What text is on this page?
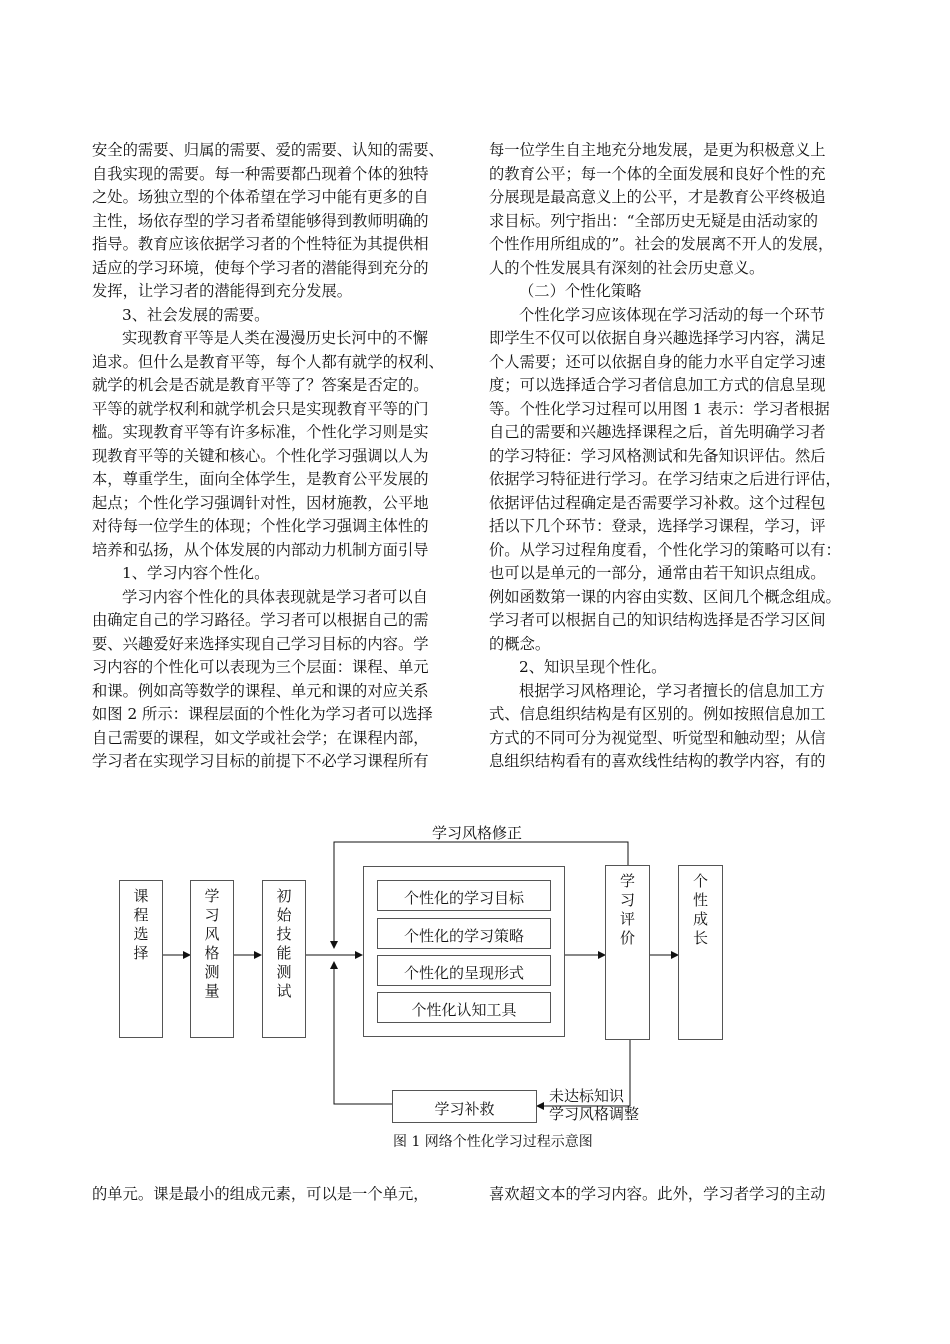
安全的需要、归属的需要、爱的需要、认知的需要、

自我实现的需要。每一种需要都凸现着个体的独特

之处。场独立型的个体希望在学习中能有更多的自

主性，场依存型的学习者希望能够得到教师明确的

指导。教育应该依据学习者的个性特征为其提供相

适应的学习环境，使每个学习者的潜能得到充分的

发挥，让学习者的潜能得到充分发展。

3、社会发展的需要。

实现教育平等是人类在漫漫历史长河中的不懈

追求。但什么是教育平等，每个人都有就学的权利、

就学的机会是否就是教育平等了？答案是否定的。

平等的就学权利和就学机会只是实现教育平等的门

槛。实现教育平等有许多标准，个性化学习则是实

现教育平等的关键和核心。个性化学习强调以人为

本，尊重学生，面向全体学生，是教育公平发展的

起点；个性化学习强调针对性，因材施教，公平地

对待每一位学生的体现；个性化学习强调主体性的

培养和弘扬，从个体发展的内部动力机制方面引导

1、学习内容个性化。

学习内容个性化的具体表现就是学习者可以自

由确定自己的学习路径。学习者可以根据自己的需

要、兴趣爱好来选择实现自己学习目标的内容。学

习内容的个性化可以表现为三个层面：课程、单元

和课。例如高等数学的课程、单元和课的对应关系

如图 2 所示：课程层面的个性化为学习者可以选择

自己需要的课程，如文学或社会学；在课程内部，

学习者在实现学习目标的前提下不必学习课程所有

每一位学生自主地充分地发展，是更为积极意义上

的教育公平；每一个体的全面发展和良好个性的充

分展现是最高意义上的公平，才是教育公平终极追

求目标。列宁指出：“全部历史无疑是由活动家的

个性作用所组成的”。社会的发展离不开人的发展，

人的个性发展具有深刻的社会历史意义。

（二）个性化策略

个性化学习应该体现在学习活动的每一个环节

即学生不仅可以依据自身兴趣选择学习内容，满足

个人需要；还可以依据自身的能力水平自定学习速

度；可以选择适合学习者信息加工方式的信息呈现

等。个性化学习过程可以用图 1 表示：学习者根据

自己的需要和兴趣选择课程之后，首先明确学习者

的学习特征：学习风格测试和先备知识评估。然后

依据学习特征进行学习。在学习结束之后进行评估，

依据评估过程确定是否需要学习补救。这个过程包

括以下几个环节：登录，选择学习课程，学习，评

价。从学习过程角度看，个性化学习的策略可以有：

也可以是单元的一部分，通常由若干知识点组成。

例如函数第一课的内容由实数、区间几个概念组成。

学习者可以根据自己的知识结构选择是否学习区间

的概念。

2、知识呈现个性化。

根据学习风格理论，学习者擅长的信息加工方

式、信息组织结构是有区别的。例如按照信息加工

方式的不同可分为视觉型、听觉型和触动型；从信

息组织结构看有的喜欢线性结构的教学内容，有的

学习风格修正
课程选择
学习风格测量
初始技能测试
个性化的学习目标
个性化的学习策略
个性化的呈现形式
个性化认知工具
学习评价
个性成长
学习补救
未达标知识
学习风格调整
图 1 网络个性化学习过程示意图

的单元。课是最小的组成元素，可以是一个单元，	喜欢超文本的学习内容。此外，学习者学习的主动
